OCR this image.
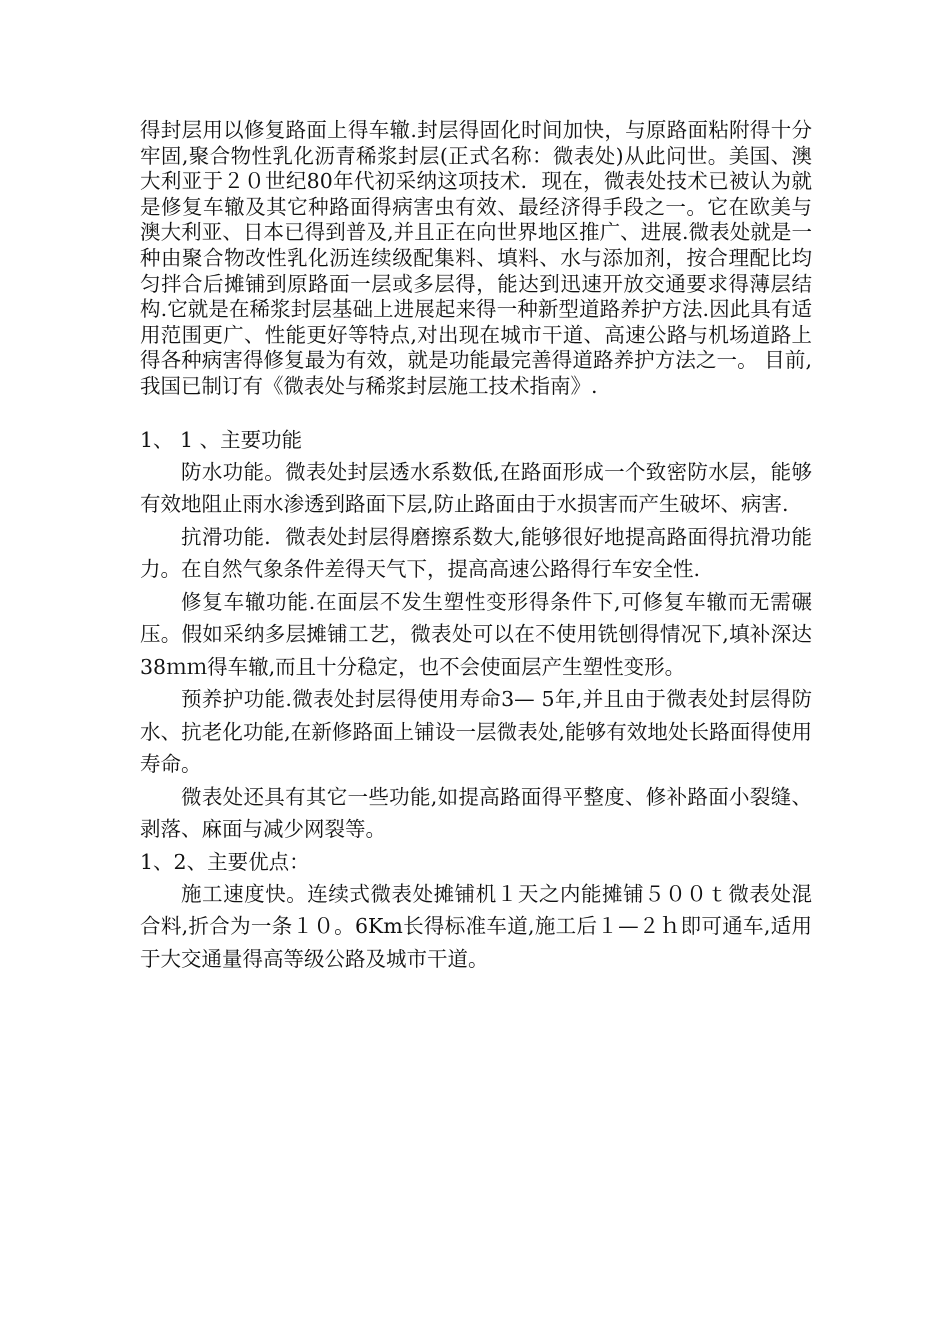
得封层用以修复路面上得车辙.封层得固化时间加快，与原路面粘附得十分牢固,聚合物性乳化沥青稀浆封层(正式名称：微表处)从此问世。美国、澳大利亚于２０世纪80年代初采纳这项技术．现在，微表处技术已被认为就是修复车辙及其它种路面得病害虫有效、最经济得手段之一。它在欧美与澳大利亚、日本已得到普及,并且正在向世界地区推广、进展.微表处就是一种由聚合物改性乳化沥连续级配集料、填料、水与添加剂，按合理配比均匀拌合后摊铺到原路面一层或多层得，能达到迅速开放交通要求得薄层结构.它就是在稀浆封层基础上进展起来得一种新型道路养护方法.因此具有适用范围更广、性能更好等特点,对出现在城市干道、高速公路与机场道路上得各种病害得修复最为有效，就是功能最完善得道路养护方法之一。 目前,我国已制订有《微表处与稀浆封层施工技术指南》.

1、 1 、主要功能

防水功能。微表处封层透水系数低,在路面形成一个致密防水层，能够有效地阻止雨水渗透到路面下层,防止路面由于水损害而产生破坏、病害.

抗滑功能．微表处封层得磨擦系数大,能够很好地提高路面得抗滑功能力。在自然气象条件差得天气下，提高高速公路得行车安全性.

修复车辙功能.在面层不发生塑性变形得条件下,可修复车辙而无需碾压。假如采纳多层摊铺工艺，微表处可以在不使用铣刨得情况下,填补深达38ｍｍ得车辙,而且十分稳定，也不会使面层产生塑性变形。

预养护功能.微表处封层得使用寿命3— 5年,并且由于微表处封层得防水、抗老化功能,在新修路面上铺设一层微表处,能够有效地处长路面得使用寿命。

微表处还具有其它一些功能,如提高路面得平整度、修补路面小裂缝、剥落、麻面与减少网裂等。

1、2、主要优点：

施工速度快。连续式微表处摊铺机１天之内能摊铺５００ｔ微表处混合料,折合为一条１０。6Km长得标准车道,施工后１—２ｈ即可通车,适用于大交通量得高等级公路及城市干道。
